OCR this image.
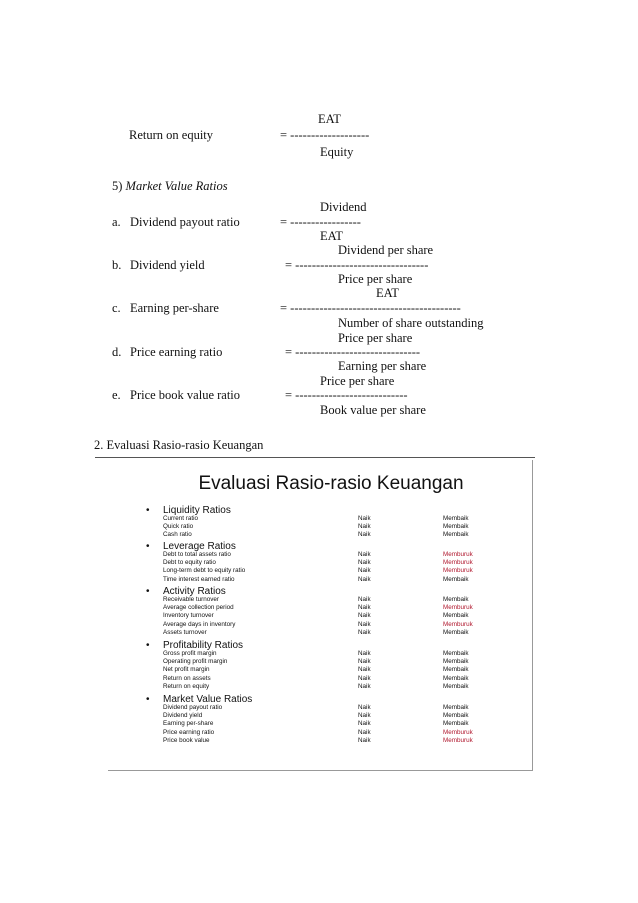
EAT
Return on equity	= -------------------
Equity
5) Market Value Ratios
Dividend
a. Dividend payout ratio	= -----------------
EAT
Dividend per share
b. Dividend yield	= --------------------------------
Price per share
EAT
c. Earning per-share	= -----------------------------------------
Number of share outstanding
Price per share
d. Price earning ratio	= ------------------------------
Earning per share
Price per share
e. Price book value ratio	= ---------------------------
Book value per share
2. Evaluasi Rasio-rasio Keuangan
Evaluasi Rasio-rasio Keuangan
• Liquidity Ratios
Current ratio	Naik	Membaik
Quick ratio	Naik	Membaik
Cash ratio	Naik	Membaik
• Leverage Ratios
Debt to total assets ratio	Naik	Memburuk
Debt to equity ratio	Naik	Memburuk
Long-term debt to equity ratio	Naik	Memburuk
Time interest earned ratio	Naik	Membaik
• Activity Ratios
Receivable turnover	Naik	Membaik
Average collection period	Naik	Memburuk
Inventory turnover	Naik	Membaik
Average days in inventory	Naik	Memburuk
Assets turnover	Naik	Membaik
• Profitability Ratios
Gross profit margin	Naik	Membaik
Operating profit margin	Naik	Membaik
Net profit margin	Naik	Membaik
Return on assets	Naik	Membaik
Return on equity	Naik	Membaik
• Market Value Ratios
Dividend payout ratio	Naik	Membaik
Dividend yield	Naik	Membaik
Earning per-share	Naik	Membaik
Price earning ratio	Naik	Memburuk
Price book value	Naik	Memburuk
